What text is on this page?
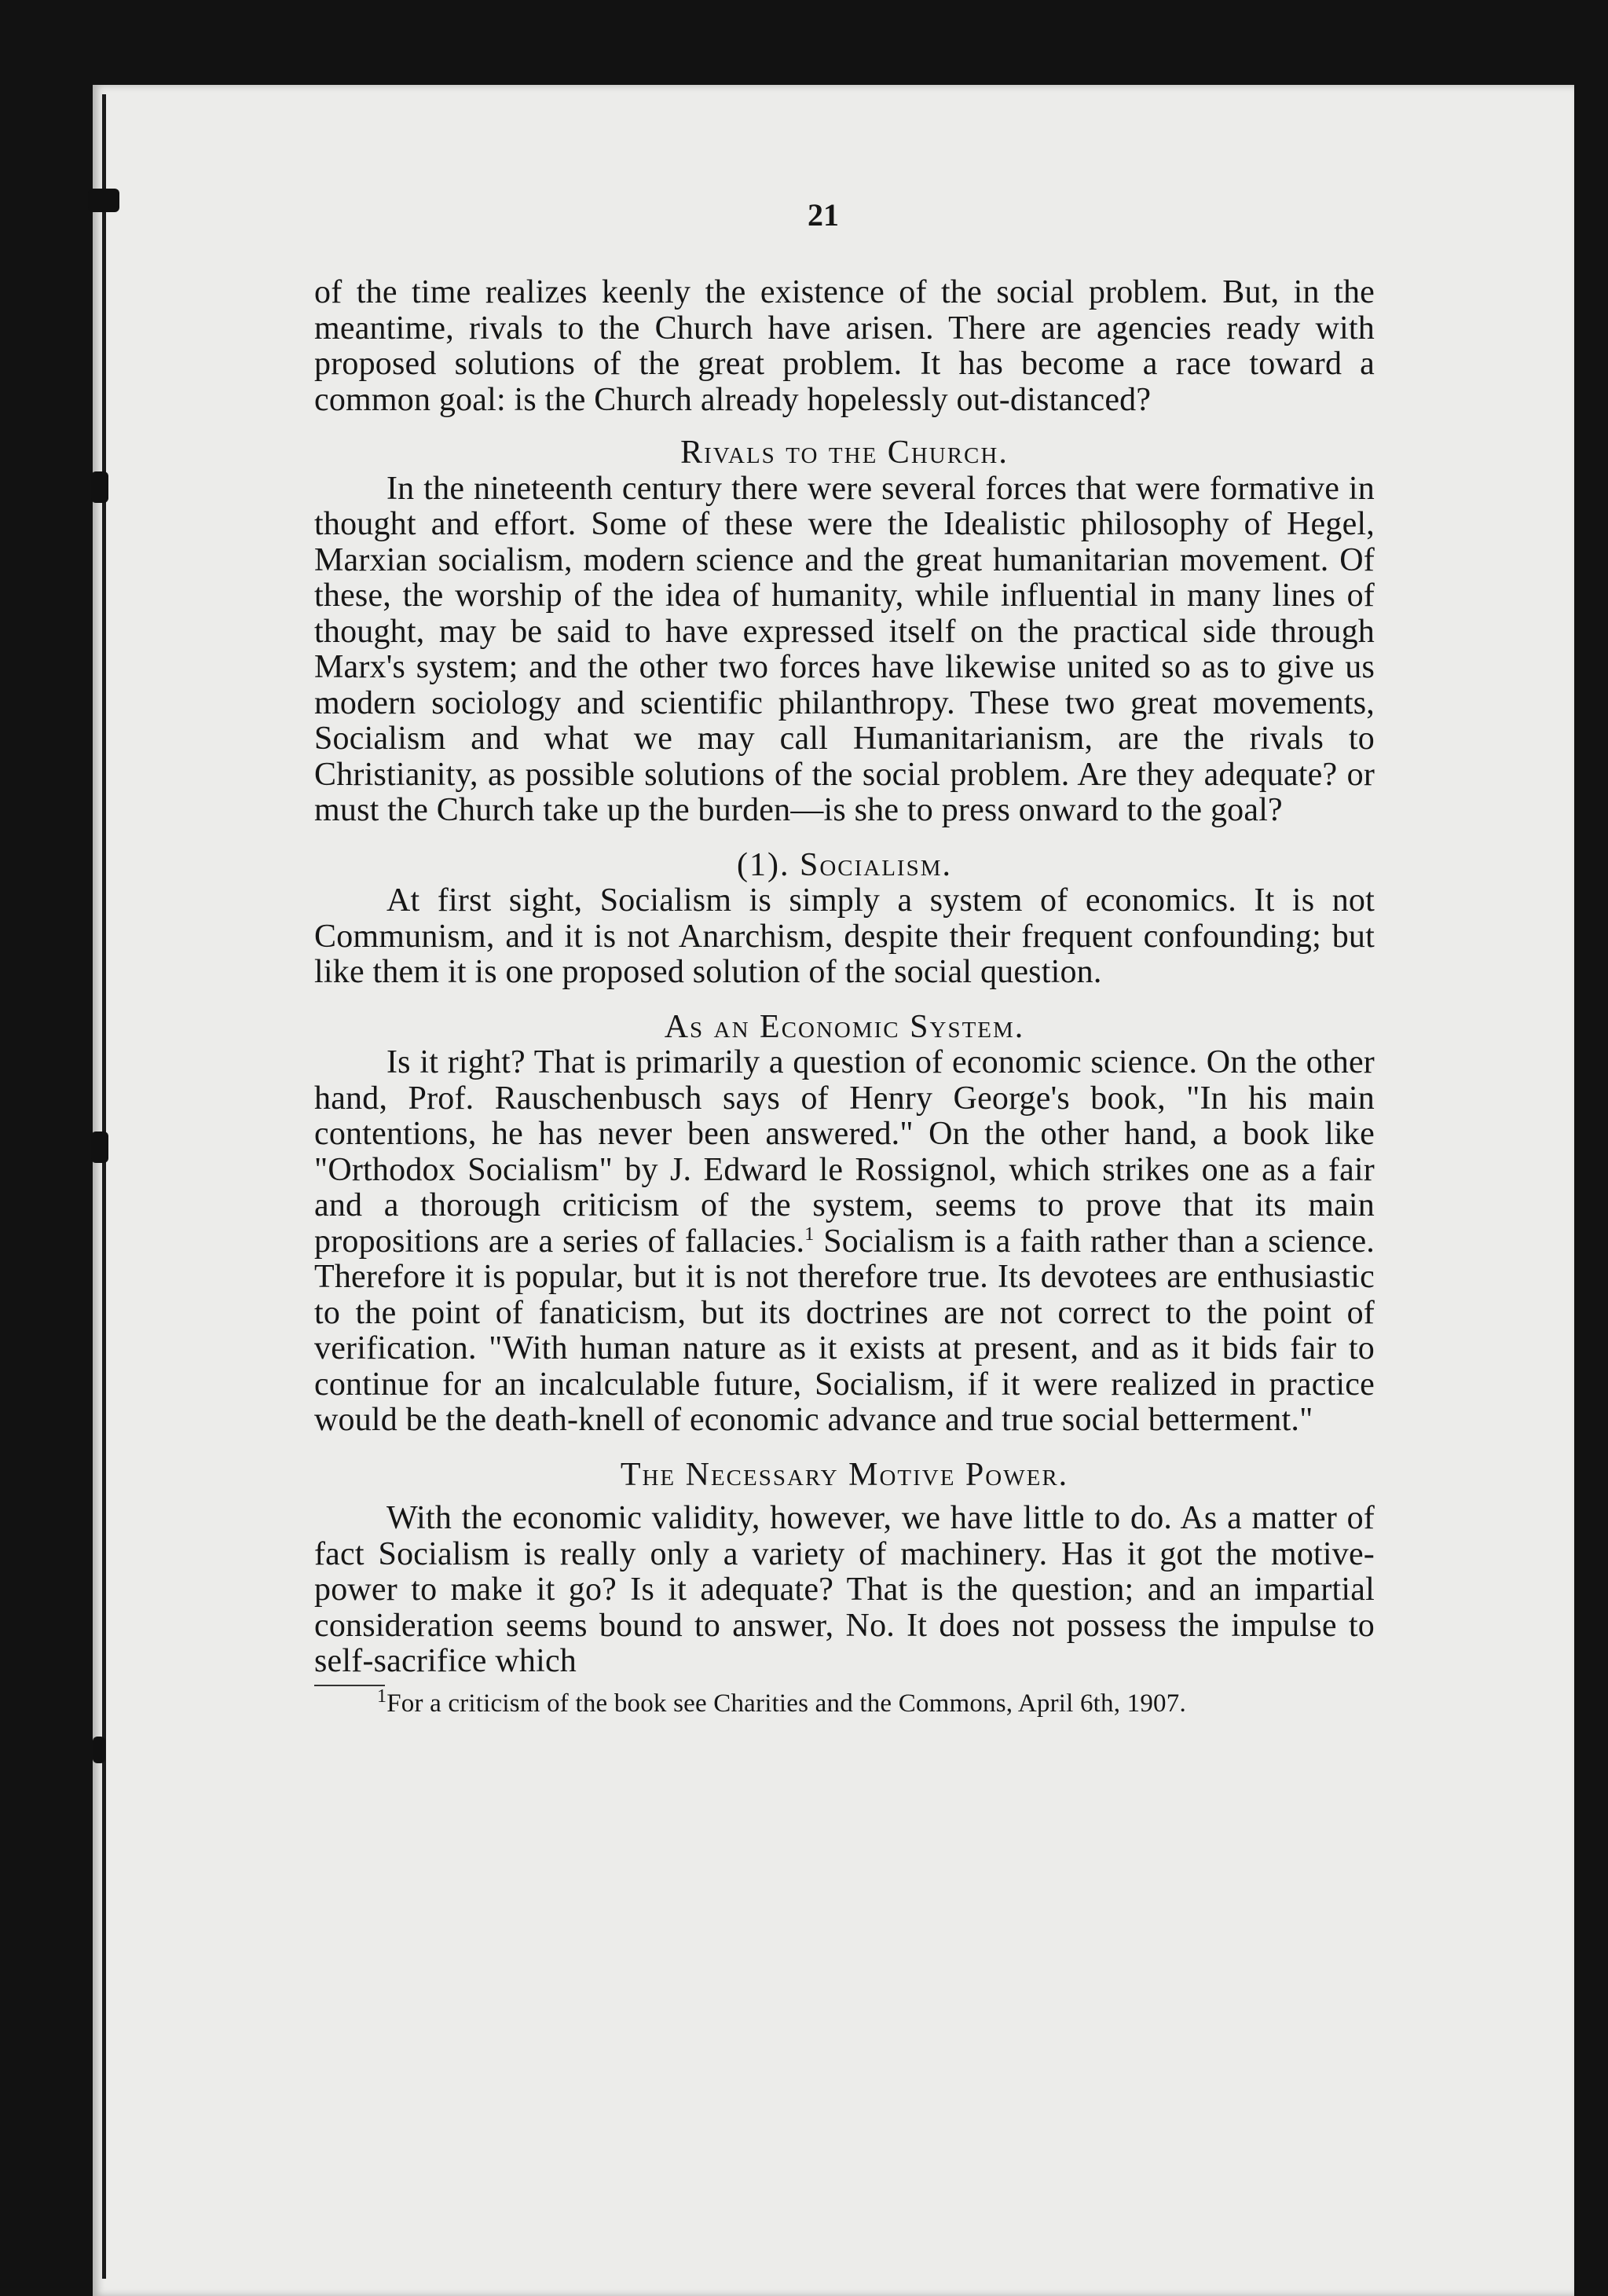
21

of the time realizes keenly the existence of the social problem. But, in the meantime, rivals to the Church have arisen. There are agencies ready with proposed solutions of the great problem. It has become a race toward a common goal: is the Church already hopelessly out-distanced?

Rivals to the Church.

In the nineteenth century there were several forces that were formative in thought and effort. Some of these were the Idealistic philosophy of Hegel, Marxian socialism, modern science and the great humanitarian movement. Of these, the worship of the idea of humanity, while influential in many lines of thought, may be said to have expressed itself on the practical side through Marx's system; and the other two forces have likewise united so as to give us modern sociology and scientific philanthropy. These two great movements, Socialism and what we may call Humanitarianism, are the rivals to Christianity, as possible solutions of the social problem. Are they adequate? or must the Church take up the burden—is she to press onward to the goal?

(1). Socialism.

At first sight, Socialism is simply a system of economics. It is not Communism, and it is not Anarchism, despite their frequent confounding; but like them it is one proposed solution of the social question.

As an Economic System.

Is it right? That is primarily a question of economic science. On the other hand, Prof. Rauschenbusch says of Henry George's book, "In his main contentions, he has never been answered." On the other hand, a book like "Orthodox Socialism" by J. Edward le Rossignol, which strikes one as a fair and a thorough criticism of the system, seems to prove that its main propositions are a series of fallacies.$^1$ Socialism is a faith rather than a science. Therefore it is popular, but it is not therefore true. Its devotees are enthusiastic to the point of fanaticism, but its doctrines are not correct to the point of verification. "With human nature as it exists at present, and as it bids fair to continue for an incalculable future, Socialism, if it were realized in practice would be the death-knell of economic advance and true social betterment."

The Necessary Motive Power.

With the economic validity, however, we have little to do. As a matter of fact Socialism is really only a variety of machinery. Has it got the motive-power to make it go? Is it adequate? That is the question; and an impartial consideration seems bound to answer, No. It does not possess the impulse to self-sacrifice which

$^1$For a criticism of the book see Charities and the Commons, April 6th, 1907.
